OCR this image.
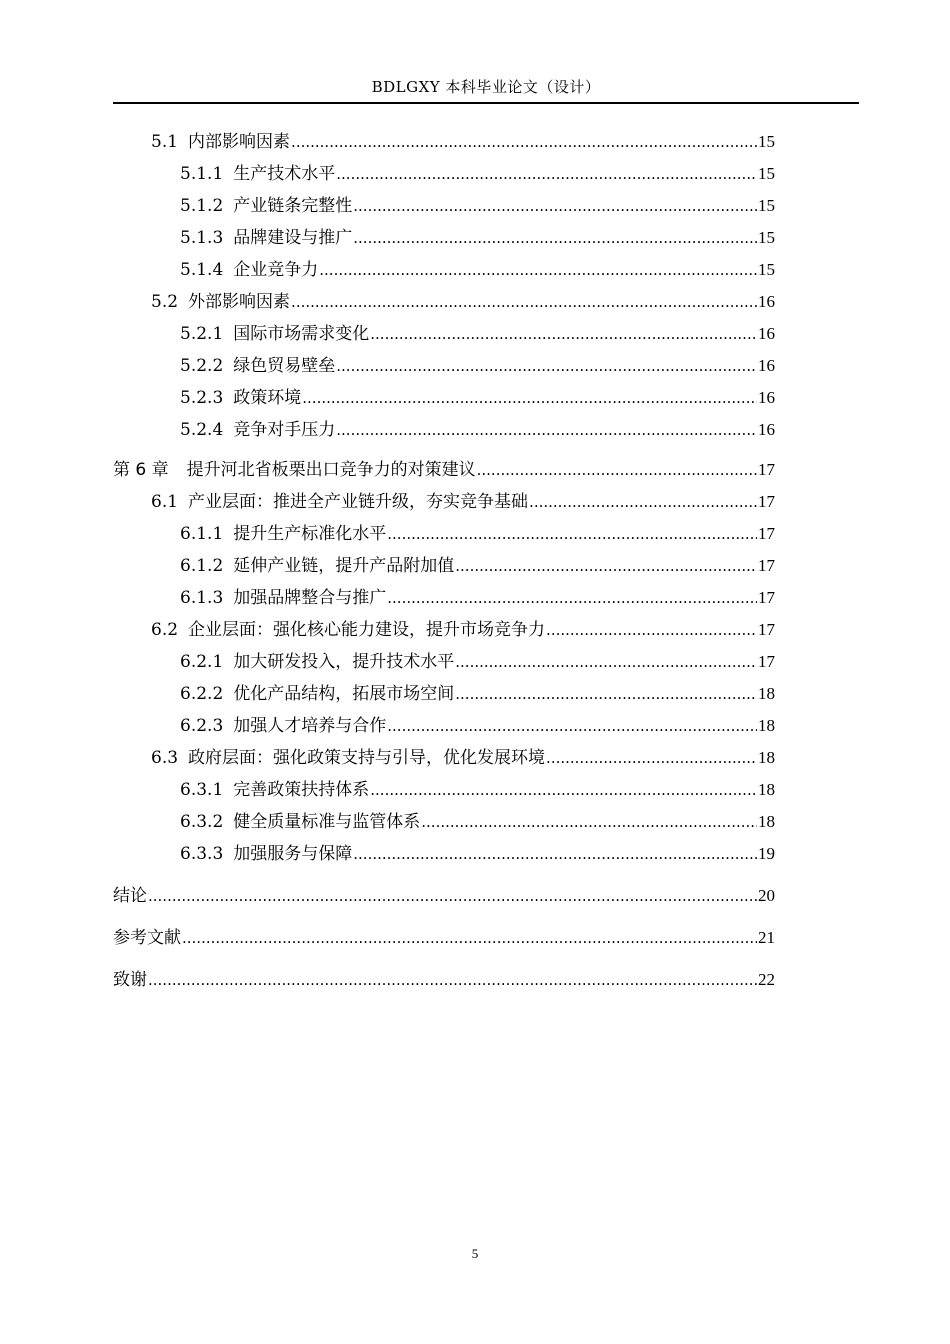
BDLGXY 本科毕业论文（设计）
5.1 内部影响因素 .....	15
5.1.1 生产技术水平 .....	15
5.1.2 产业链条完整性 .....	15
5.1.3 品牌建设与推广 .....	15
5.1.4 企业竞争力 .....	15
5.2 外部影响因素 .....	16
5.2.1 国际市场需求变化 .....	16
5.2.2 绿色贸易壁垒 .....	16
5.2.3 政策环境 .....	16
5.2.4 竞争对手压力 .....	16
第 6 章 提升河北省板栗出口竞争力的对策建议 .....	17
6.1 产业层面：推进全产业链升级，夯实竞争基础 .....	17
6.1.1 提升生产标准化水平 .....	17
6.1.2 延伸产业链，提升产品附加值 .....	17
6.1.3 加强品牌整合与推广 .....	17
6.2 企业层面：强化核心能力建设，提升市场竞争力 .....	17
6.2.1 加大研发投入，提升技术水平 .....	17
6.2.2 优化产品结构，拓展市场空间 .....	18
6.2.3 加强人才培养与合作 .....	18
6.3 政府层面：强化政策支持与引导，优化发展环境 .....	18
6.3.1 完善政策扶持体系 .....	18
6.3.2 健全质量标准与监管体系 .....	18
6.3.3 加强服务与保障 .....	19
结论 .....	20
参考文献 .....	21
致谢 .....	22
5
